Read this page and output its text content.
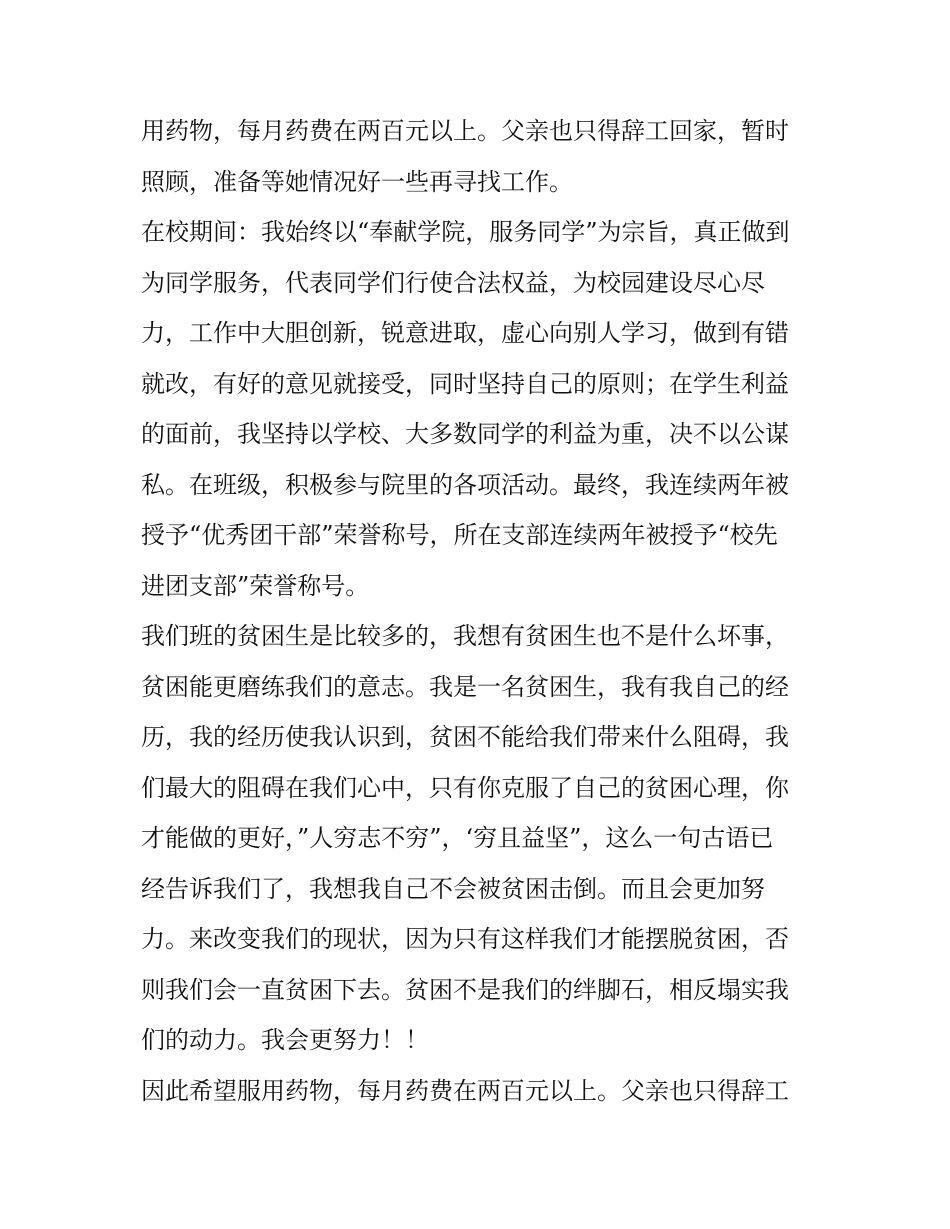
用药物，每月药费在两百元以上。父亲也只得辞工回家，暂时
照顾，准备等她情况好一些再寻找工作。
在校期间：我始终以“奉献学院，服务同学”为宗旨，真正做到
为同学服务，代表同学们行使合法权益，为校园建设尽心尽
力，工作中大胆创新，锐意进取，虚心向别人学习，做到有错
就改，有好的意见就接受，同时坚持自己的原则；在学生利益
的面前，我坚持以学校、大多数同学的利益为重，决不以公谋
私。在班级，积极参与院里的各项活动。最终，我连续两年被
授予“优秀团干部”荣誉称号，所在支部连续两年被授予“校先
进团支部”荣誉称号。
我们班的贫困生是比较多的，我想有贫困生也不是什么坏事，
贫困能更磨练我们的意志。我是一名贫困生，我有我自己的经
历，我的经历使我认识到，贫困不能给我们带来什么阻碍，我
们最大的阻碍在我们心中，只有你克服了自己的贫困心理，你
才能做的更好，”人穷志不穷”，‘穷且益坚”，这么一句古语已
经告诉我们了，我想我自己不会被贫困击倒。而且会更加努
力。来改变我们的现状，因为只有这样我们才能摆脱贫困，否
则我们会一直贫困下去。贫困不是我们的绊脚石，相反塌实我
们的动力。我会更努力！！
因此希望服用药物，每月药费在两百元以上。父亲也只得辞工
